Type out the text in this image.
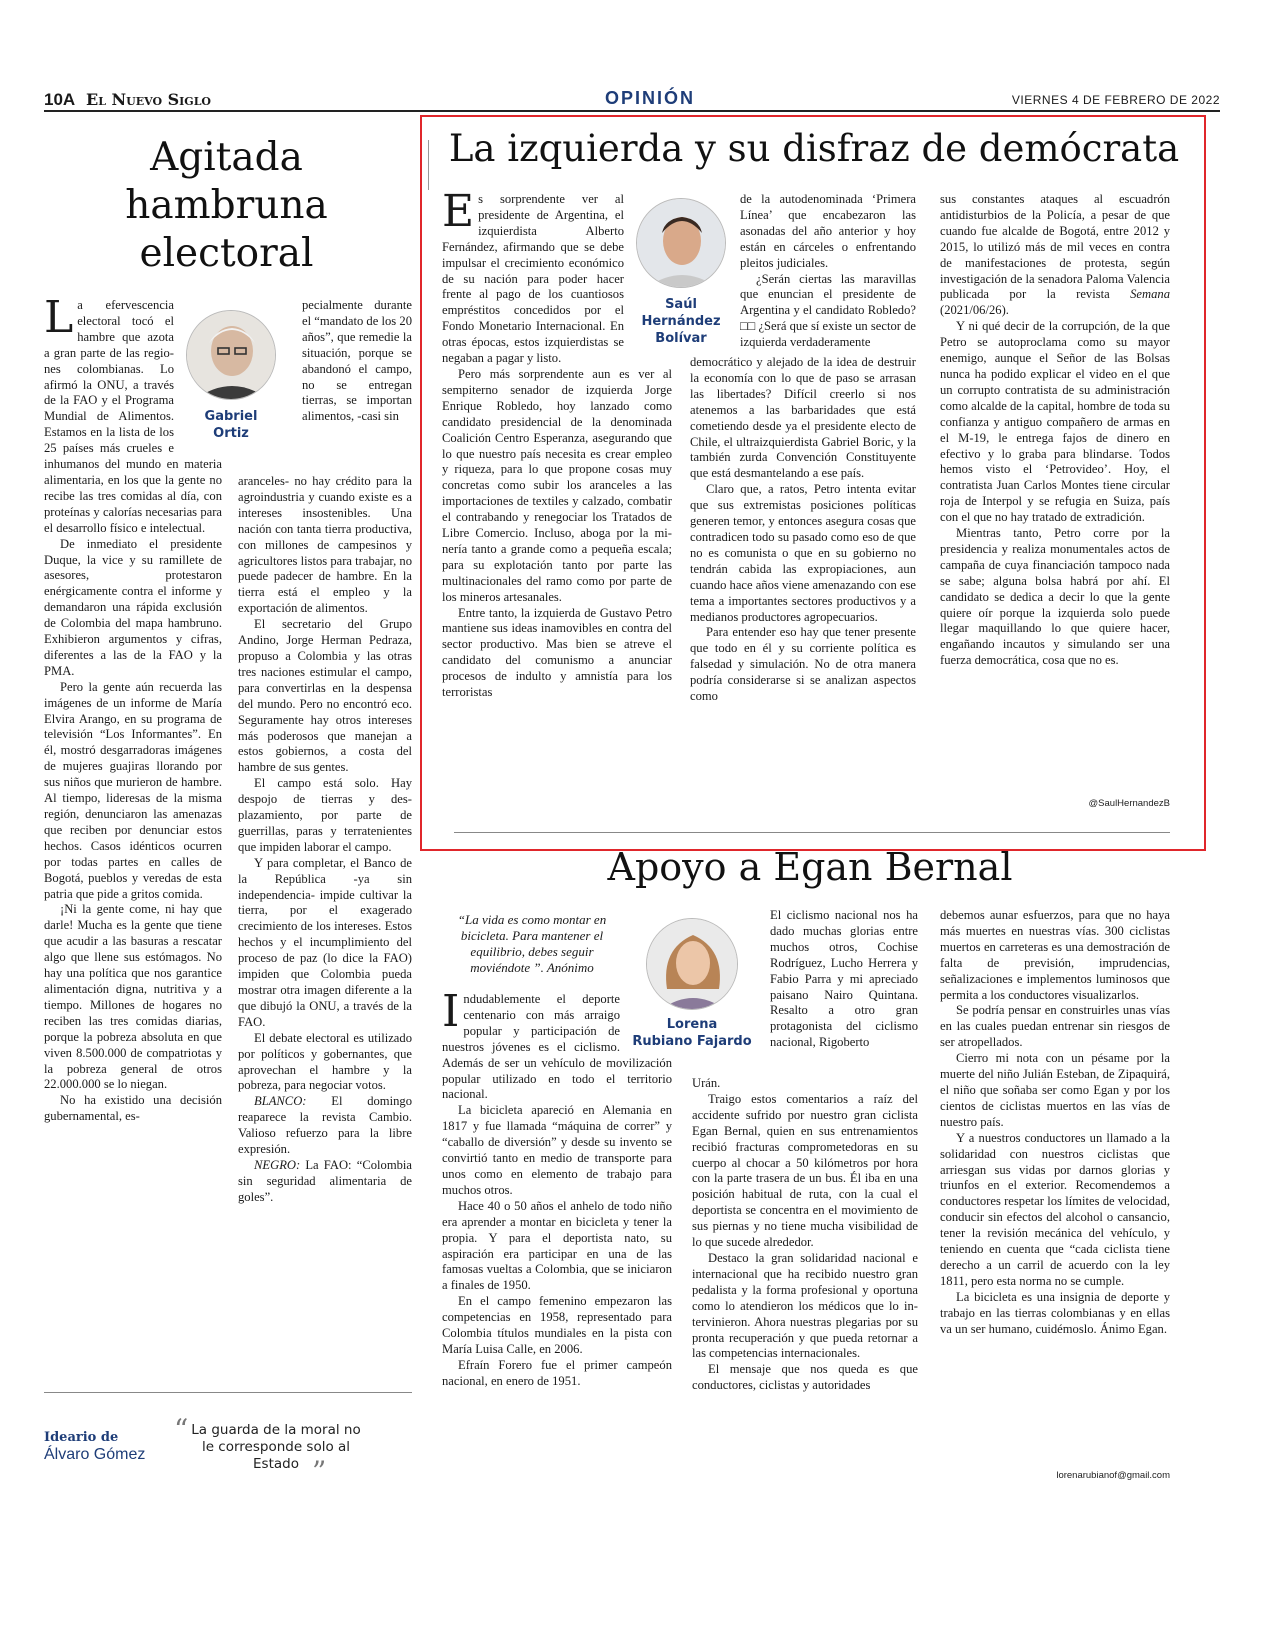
10A El Nuevo Siglo	OPINIÓN	VIERNES 4 DE FEBRERO DE 2022
Agitada
hambruna
electoral
Gabriel
Ortiz

La efervescencia electoral tocó el hambre que azota a gran parte de las regiones colombianas. Lo afirmó la ONU, a través de la FAO y el Programa Mundial de Alimentos. Estamos en la lista de los 25 países más crueles e inhumanos del mundo en materia alimentaria, en los que la gente no recibe las tres comidas al día, con proteínas y calorías necesarias para el desarrollo físico e intelectual.

De inmediato el presidente Duque, la vice y su ramillete de asesores, protestaron enérgicamente contra el informe y demandaron una rápida exclusión de Colombia del mapa hambruno. Exhibieron argumentos y cifras, diferentes a las de la FAO y la PMA.

Pero la gente aún recuerda las imágenes de un informe de María Elvira Arango, en su programa de televisión “Los Informantes”. En él, mostró desgarradoras imágenes de mujeres guajiras llorando por sus niños que murieron de hambre. Al tiempo, lideresas de la misma región, denunciaron las amenazas que reciben por denunciar estos hechos. Casos idénticos ocurren por todas partes en calles de Bogotá, pueblos y veredas de esta patria que pide a gritos comida.

¡Ni la gente come, ni hay que darle! Mucha es la gente que tiene que acudir a las basuras a rescatar algo que llene sus estómagos. No hay una política que nos garantice alimentación digna, nutritiva y a tiempo. Millones de hogares no reciben las tres comidas diarias, porque la pobreza absoluta en que viven 8.500.000 de compatriotas y la pobreza general de otros 22.000.000 se lo niegan.

No ha existido una decisión gubernamental, es-

pecialmente durante el “mandato de los 20 años”, que remedie la situación, porque se abandonó el campo, no se entregan tierras, se importan alimentos, -casi sin

aranceles- no hay crédito para la agroindustria y cuando existe es a intereses insostenibles. Una nación con tanta tierra productiva, con millones de campesinos y agricultores listos para trabajar, no puede padecer de hambre. En la tierra está el empleo y la exportación de alimentos.

El secretario del Grupo Andino, Jorge Herman Pedraza, propuso a Colombia y las otras tres naciones estimular el campo, para convertirlas en la despensa del mundo. Pero no encontró eco. Seguramente hay otros intereses más poderosos que manejan a estos gobiernos, a costa del hambre de sus gentes.

El campo está solo. Hay despojo de tierras y desplazamiento, por parte de guerrillas, paras y terratenientes que impiden laborar el campo.

Y para completar, el Banco de la República -ya sin independencia- impide cultivar la tierra, por el exagerado crecimiento de los intereses. Estos hechos y el incumplimiento del proceso de paz (lo dice la FAO) impiden que Colombia pueda mostrar otra imagen diferente a la que dibujó la ONU, a través de la FAO.

El debate electoral es utilizado por políticos y gobernantes, que aprovechan el hambre y la pobreza, para negociar votos.

BLANCO: El domingo reaparece la revista Cambio. Valioso refuerzo para la libre expresión.

NEGRO: La FAO: “Colombia sin seguridad alimentaria de goles”.

Ideario de
Álvaro Gómez
“ La guarda de la moral no le corresponde solo al Estado ”
La izquierda y su disfraz de demócrata
Saúl
Hernández
Bolívar

Es sorprendente ver al presidente de Argentina, el izquierdista Alberto Fernández, afirmando que se debe impulsar el crecimiento económico de su nación para poder hacer frente al pago de los cuantiosos empréstitos concedidos por el Fondo Monetario Internacional. En otras épocas, estos izquierdistas se negaban a pagar y listo.

Pero más sorprendente aun es ver al sempiterno senador de izquierda Jorge Enrique Robledo, hoy lanzado como candidato presidencial de la denominada Coalición Centro Esperanza, asegurando que lo que nuestro país necesita es crear empleo y riqueza, para lo que propone cosas muy concretas como subir los aranceles a las importaciones de textiles y calzado, combatir el contrabando y renegociar los Tratados de Libre Comercio. Incluso, aboga por la minería tanto a grande como a pequeña escala; para su explotación tanto por parte las multinacionales del ramo como por parte de los mineros artesanales.

Entre tanto, la izquierda de Gustavo Petro mantiene sus ideas inamovibles en contra del sector productivo. Mas bien se atreve el candidato del comunismo a anunciar procesos de indulto y amnistía para los terroristas

de la autodenominada ‘Primera Línea’ que encabezaron las asonadas del año anterior y hoy están en cárceles o enfrentando pleitos judiciales.

¿Serán ciertas las maravillas que enuncian el presidente de Argentina y el candidato Robledo? □□ ¿Será que sí existe un sector de izquierda verdaderamente

democrático y alejado de la idea de destruir la economía con lo que de paso se arrasan las libertades? Difícil creerlo si nos atenemos a las barbaridades que está cometiendo desde ya el presidente electo de Chile, el ultraizquierdista Gabriel Boric, y la también zurda Convención Constituyente que está desmantelando a ese país.

Claro que, a ratos, Petro intenta evitar que sus extremistas posiciones políticas generen temor, y entonces asegura cosas que contradicen todo su pasado como eso de que no es comunista o que en su gobierno no tendrán cabida las expropiaciones, aun cuando hace años viene amenazando con ese tema a importantes sectores productivos y a medianos productores agropecuarios.

Para entender eso hay que tener presente que todo en él y su corriente política es falsedad y simulación. No de otra manera podría considerarse si se analizan aspectos como

sus constantes ataques al escuadrón antidisturbios de la Policía, a pesar de que cuando fue alcalde de Bogotá, entre 2012 y 2015, lo utilizó más de mil veces en contra de manifestaciones de protesta, según investigación de la senadora Paloma Valencia publicada por la revista Semana (2021/06/26).

Y ni qué decir de la corrupción, de la que Petro se autoproclama como su mayor enemigo, aunque el Señor de las Bolsas nunca ha podido explicar el video en el que un corrupto contratista de su administración como alcalde de la capital, hombre de toda su confianza y antiguo compañero de armas en el M-19, le entrega fajos de dinero en efectivo y lo graba para blindarse. Todos hemos visto el ‘Petrovideo’. Hoy, el contratista Juan Carlos Montes tiene circular roja de Interpol y se refugia en Suiza, país con el que no hay tratado de extradición.

Mientras tanto, Petro corre por la presidencia y realiza monumentales actos de campaña de cuya financiación tampoco nada se sabe; alguna bolsa habrá por ahí. El candidato se dedica a decir lo que la gente quiere oír porque la izquierda solo puede llegar maquillando lo que quiere hacer, engañando incautos y simulando ser una fuerza democrática, cosa que no es.

@SaulHernandezB
Apoyo a Egan Bernal
“La vida es como montar en bicicleta. Para mantener el equilibrio, debes seguir moviéndote ”. Anónimo
Lorena
Rubiano Fajardo

Indudablemente el deporte centenario con más arraigo popular y participación de nuestros jóvenes es el ciclismo. Además de ser un vehículo de movilización popular utilizado en todo el territorio nacional.

La bicicleta apareció en Alemania en 1817 y fue llamada “máquina de correr” y “caballo de diversión” y desde su invento se convirtió tanto en medio de transporte para unos como en elemento de trabajo para muchos otros.

Hace 40 o 50 años el anhelo de todo niño era aprender a montar en bicicleta y tener la propia. Y para el deportista nato, su aspiración era participar en una de las famosas vueltas a Colombia, que se iniciaron a finales de 1950.

En el campo femenino empezaron las competencias en 1958, representado para Colombia títulos mundiales en la pista con María Luisa Calle, en 2006.

Efraín Forero fue el primer campeón nacional, en enero de 1951.

El ciclismo nacional nos ha dado muchas glorias entre muchos otros, Cochise Rodríguez, Lucho Herrera y Fabio Parra y mi apreciado paisano Nairo Quintana. Resalto a otro gran protagonista del ciclismo nacional, Rigoberto

Urán.

Traigo estos comentarios a raíz del accidente sufrido por nuestro gran ciclista Egan Bernal, quien en sus entrenamientos recibió fracturas comprometedoras en su cuerpo al chocar a 50 kilómetros por hora con la parte trasera de un bus. Él iba en una posición habitual de ruta, con la cual el deportista se concentra en el movimiento de sus piernas y no tiene mucha visibilidad de lo que sucede alrededor.

Destaco la gran solidaridad nacional e internacional que ha recibido nuestro gran pedalista y la forma profesional y oportuna como lo atendieron los médicos que lo intervinieron. Ahora nuestras plegarias por su pronta recuperación y que pueda retornar a las competencias internacionales.

El mensaje que nos queda es que conductores, ciclistas y autoridades

debemos aunar esfuerzos, para que no haya más muertes en nuestras vías. 300 ciclistas muertos en carreteras es una demostración de falta de previsión, imprudencias, señalizaciones e implementos luminosos que permita a los conductores visualizarlos.

Se podría pensar en construirles unas vías en las cuales puedan entrenar sin riesgos de ser atropellados.

Cierro mi nota con un pésame por la muerte del niño Julián Esteban, de Zipaquirá, el niño que soñaba ser como Egan y por los cientos de ciclistas muertos en las vías de nuestro país.

Y a nuestros conductores un llamado a la solidaridad con nuestros ciclistas que arriesgan sus vidas por darnos glorias y triunfos en el exterior. Recomendemos a conductores respetar los límites de velocidad, conducir sin efectos del alcohol o cansancio, tener la revisión mecánica del vehículo, y teniendo en cuenta que “cada ciclista tiene derecho a un carril de acuerdo con la ley 1811, pero esta norma no se cumple.

La bicicleta es una insignia de deporte y trabajo en las tierras colombianas y en ellas va un ser humano, cuidémoslo. Ánimo Egan.

lorenarubianof@gmail.com
